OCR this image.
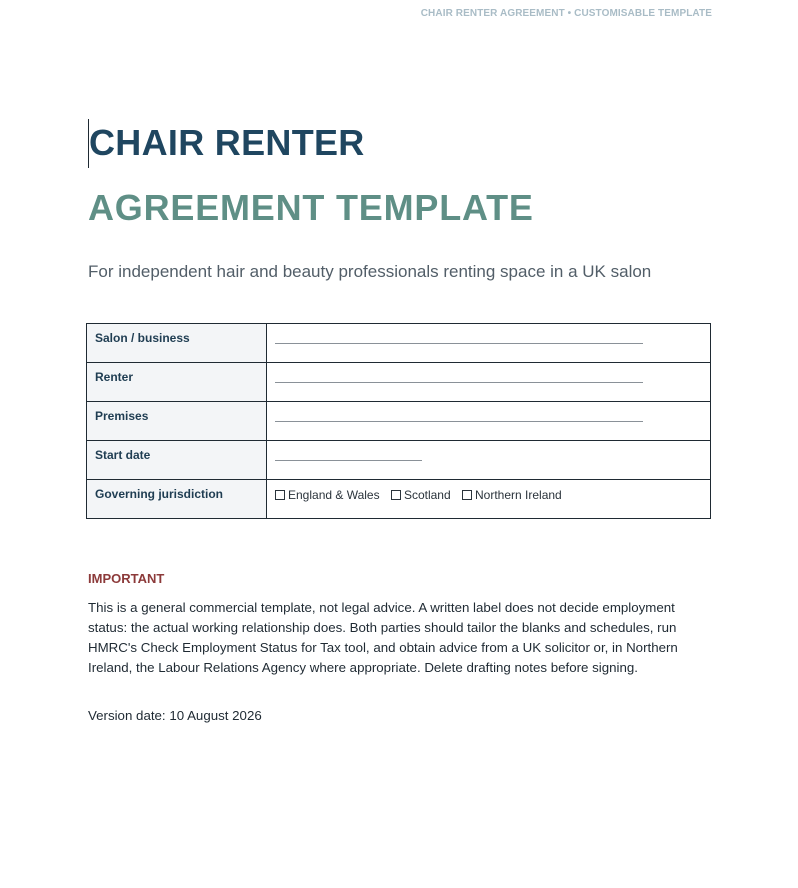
CHAIR RENTER AGREEMENT • CUSTOMISABLE TEMPLATE
CHAIR RENTER
AGREEMENT TEMPLATE
For independent hair and beauty professionals renting space in a UK salon
Salon / business	

Renter	

Premises	

Start date	

Governing jurisdiction	England & Wales Scotland Northern Ireland
IMPORTANT
This is a general commercial template, not legal advice. A written label does not decide employment status: the actual working relationship does. Both parties should tailor the blanks and schedules, run HMRC's Check Employment Status for Tax tool, and obtain advice from a UK solicitor or, in Northern Ireland, the Labour Relations Agency where appropriate. Delete drafting notes before signing.
Version date: 10 August 2026
